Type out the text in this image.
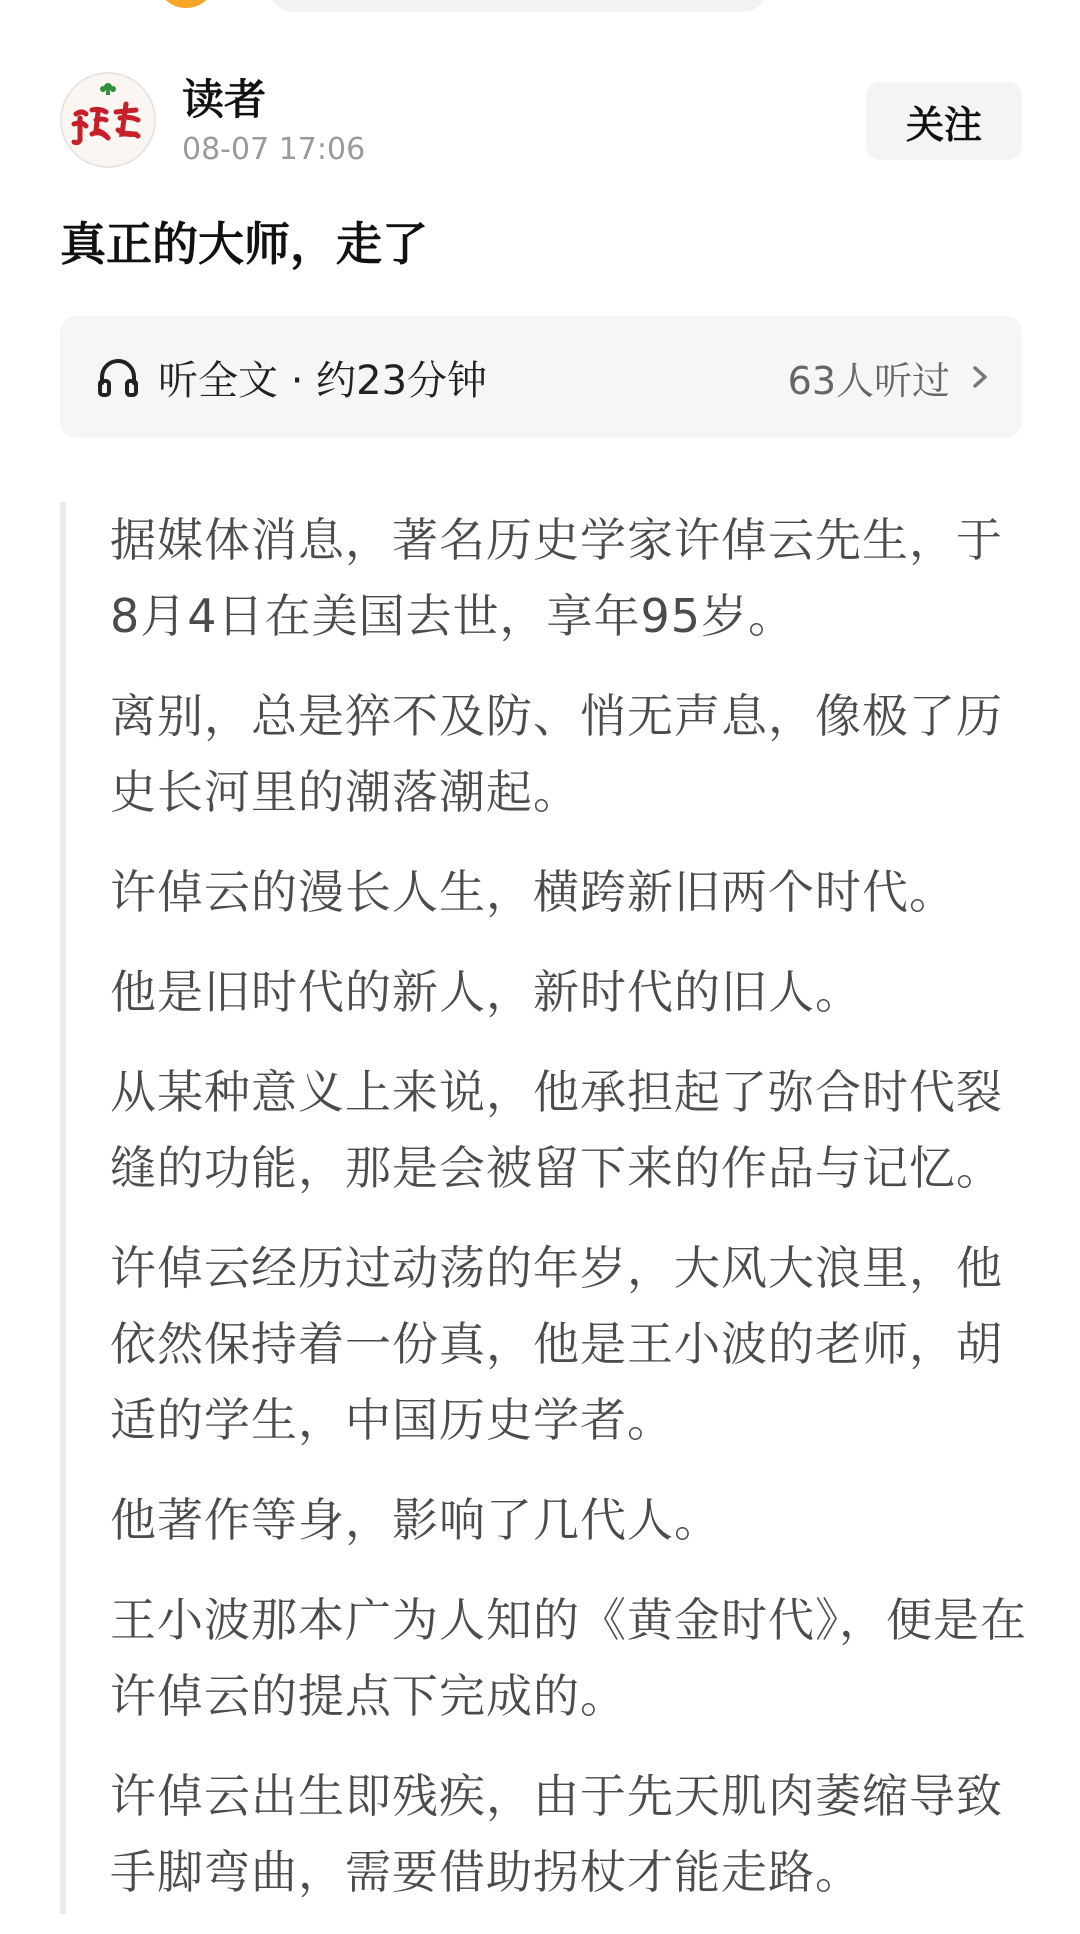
读者
08-07 17:06
关注
真正的大师，走了
听全文 · 约23分钟	63人听过

据媒体消息，著名历史学家许倬云先生，于8月4日在美国去世，享年95岁。

离别，总是猝不及防、悄无声息，像极了历史长河里的潮落潮起。

许倬云的漫长人生，横跨新旧两个时代。

他是旧时代的新人，新时代的旧人。

从某种意义上来说，他承担起了弥合时代裂缝的功能，那是会被留下来的作品与记忆。

许倬云经历过动荡的年岁，大风大浪里，他依然保持着一份真，他是王小波的老师，胡适的学生，中国历史学者。

他著作等身，影响了几代人。

王小波那本广为人知的《黄金时代》，便是在许倬云的提点下完成的。

许倬云出生即残疾，由于先天肌肉萎缩导致手脚弯曲，需要借助拐杖才能走路。
